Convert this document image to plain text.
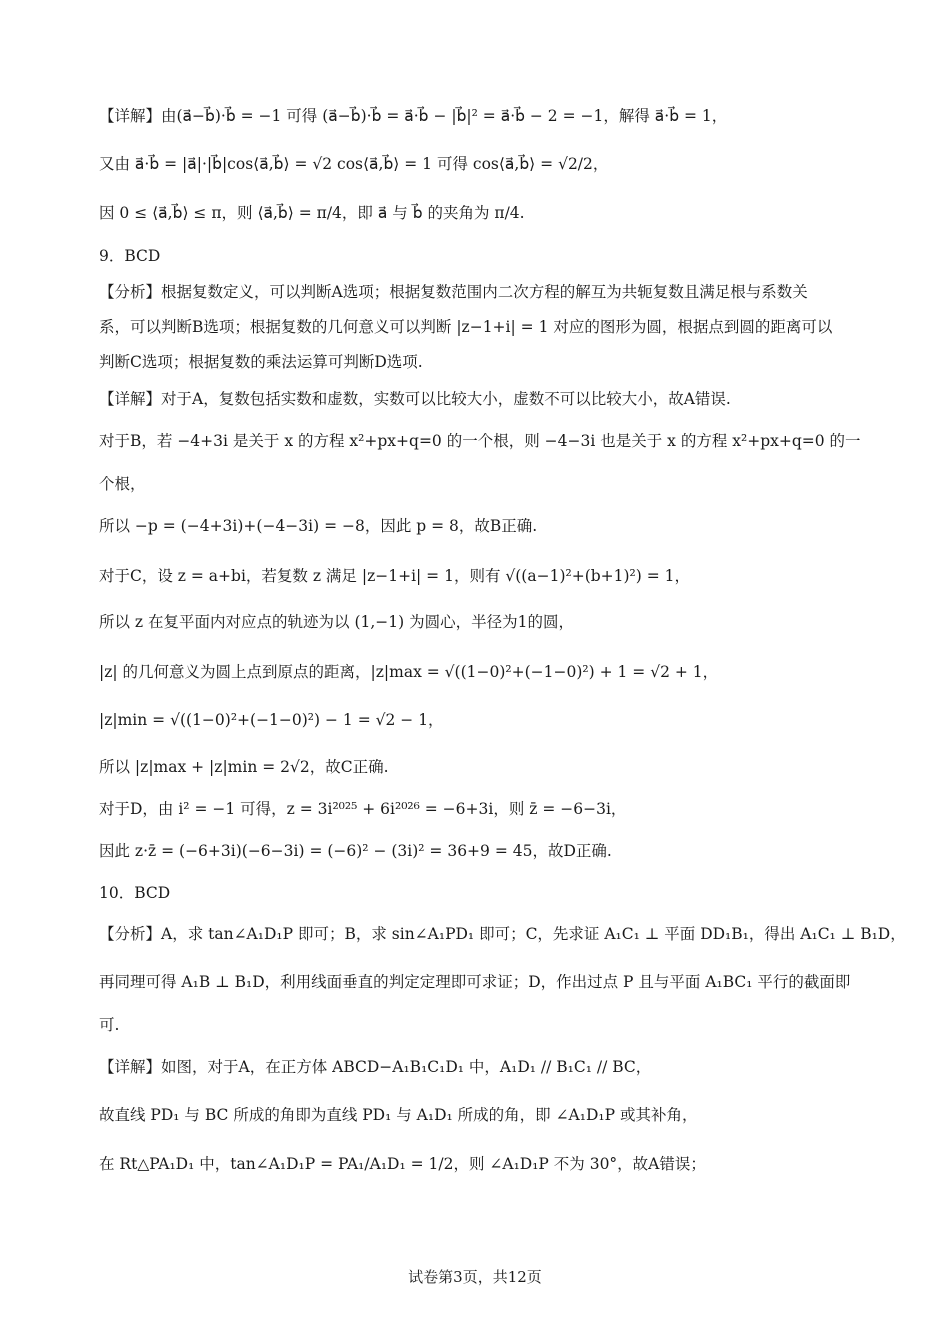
【详解】由(a⃗−b⃗)·b⃗ = −1 可得 (a⃗−b⃗)·b⃗ = a⃗·b⃗ − |b⃗|² = a⃗·b⃗ − 2 = −1，解得 a⃗·b⃗ = 1，
又由 a⃗·b⃗ = |a⃗|·|b⃗|cos⟨a⃗,b⃗⟩ = √2 cos⟨a⃗,b⃗⟩ = 1 可得 cos⟨a⃗,b⃗⟩ = √2/2，
因 0 ≤ ⟨a⃗,b⃗⟩ ≤ π，则 ⟨a⃗,b⃗⟩ = π/4，即 a⃗ 与 b⃗ 的夹角为 π/4.
9．BCD
【分析】根据复数定义，可以判断A选项；根据复数范围内二次方程的解互为共轭复数且满足根与系数关
系，可以判断B选项；根据复数的几何意义可以判断 |z−1+i| = 1 对应的图形为圆，根据点到圆的距离可以
判断C选项；根据复数的乘法运算可判断D选项.
【详解】对于A，复数包括实数和虚数，实数可以比较大小，虚数不可以比较大小，故A错误.
对于B，若 −4+3i 是关于 x 的方程 x²+px+q=0 的一个根，则 −4−3i 也是关于 x 的方程 x²+px+q=0 的一
个根，
所以 −p = (−4+3i)+(−4−3i) = −8，因此 p = 8，故B正确.
对于C，设 z = a+bi，若复数 z 满足 |z−1+i| = 1，则有 √((a−1)²+(b+1)²) = 1，
所以 z 在复平面内对应点的轨迹为以 (1,−1) 为圆心，半径为1的圆，
|z| 的几何意义为圆上点到原点的距离，|z|max = √((1−0)²+(−1−0)²) + 1 = √2 + 1，
|z|min = √((1−0)²+(−1−0)²) − 1 = √2 − 1，
所以 |z|max + |z|min = 2√2，故C正确.
对于D，由 i² = −1 可得，z = 3i²⁰²⁵ + 6i²⁰²⁶ = −6+3i，则 z̄ = −6−3i，
因此 z·z̄ = (−6+3i)(−6−3i) = (−6)² − (3i)² = 36+9 = 45，故D正确.
10．BCD
【分析】A，求 tan∠A₁D₁P 即可；B，求 sin∠A₁PD₁ 即可；C，先求证 A₁C₁ ⊥ 平面 DD₁B₁，得出 A₁C₁ ⊥ B₁D，
再同理可得 A₁B ⊥ B₁D，利用线面垂直的判定定理即可求证；D，作出过点 P 且与平面 A₁BC₁ 平行的截面即
可.
【详解】如图，对于A，在正方体 ABCD−A₁B₁C₁D₁ 中，A₁D₁ // B₁C₁ // BC，
故直线 PD₁ 与 BC 所成的角即为直线 PD₁ 与 A₁D₁ 所成的角，即 ∠A₁D₁P 或其补角，
在 Rt△PA₁D₁ 中，tan∠A₁D₁P = PA₁/A₁D₁ = 1/2，则 ∠A₁D₁P 不为 30°，故A错误；
试卷第3页，共12页
